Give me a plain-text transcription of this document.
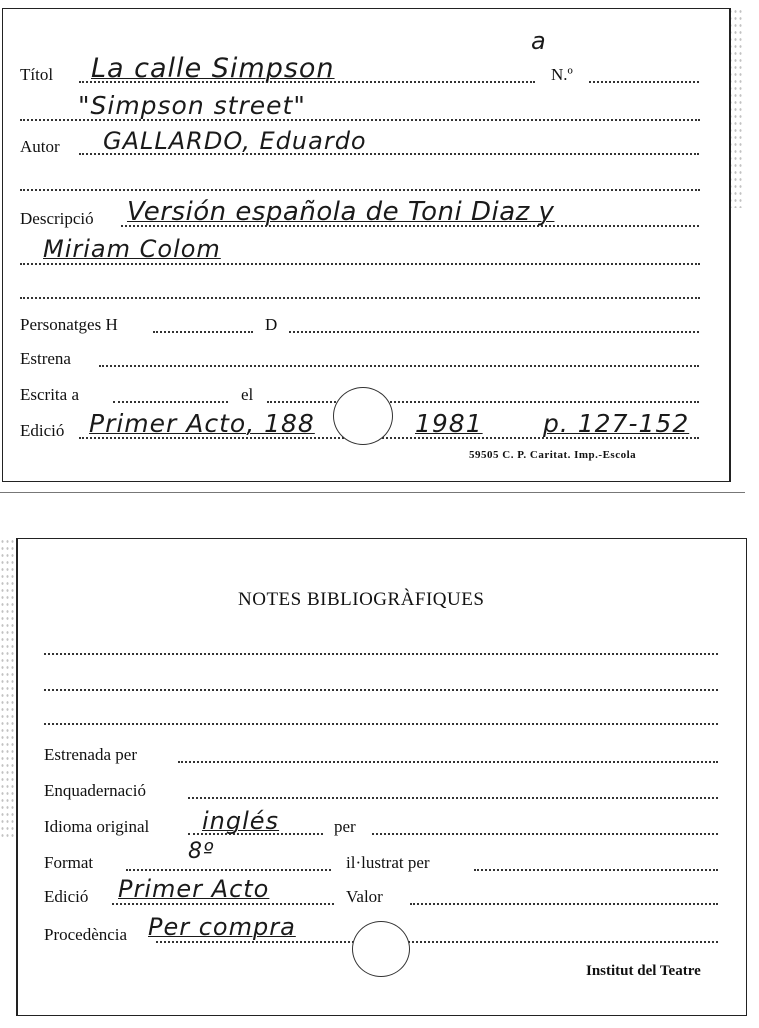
a
Títol La calle Simpson	N.º
"Simpson street"
Autor GALLARDO, Eduardo
Descripció Versión española de Toni Diaz y
Miriam Colom
Personatges H	D
Estrena
Escrita a	el
Edició Primer Acto, 188	1981 p. 127-152
59505 C. P. Caritat. Imp.-Escola
NOTES BIBLIOGRÀFIQUES
Estrenada per
Enquadernació
Idioma original inglés	per
Format	8º	il·lustrat per
Edició Primer Acto	Valor
Procedència Per compra
Institut del Teatre
